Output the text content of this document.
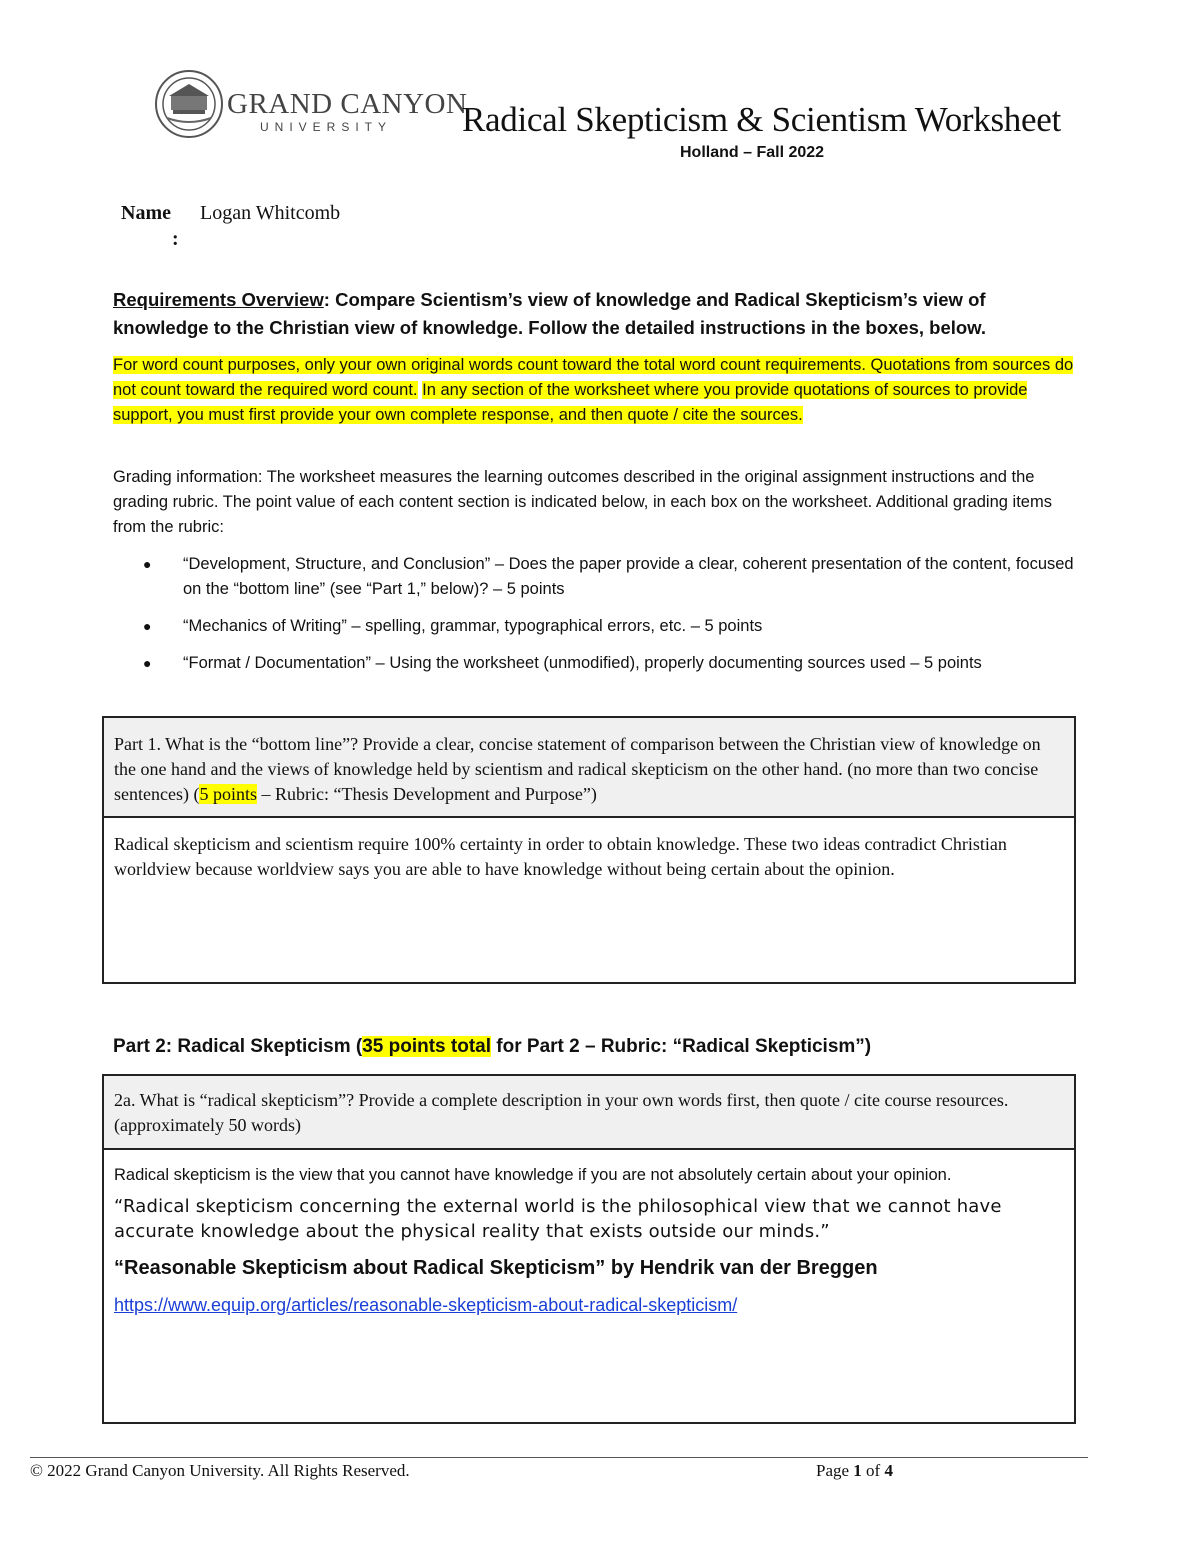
GRAND CANYON
UNIVERSITY Radical Skepticism & Scientism Worksheet
Holland – Fall 2022
Name
:
Logan Whitcomb
Requirements Overview: Compare Scientism’s view of knowledge and Radical Skepticism’s view of knowledge to the Christian view of knowledge. Follow the detailed instructions in the boxes, below.
For word count purposes, only your own original words count toward the total word count requirements. Quotations from sources do not count toward the required word count. In any section of the worksheet where you provide quotations of sources to provide support, you must first provide your own complete response, and then quote / cite the sources.
Grading information: The worksheet measures the learning outcomes described in the original assignment instructions and the grading rubric. The point value of each content section is indicated below, in each box on the worksheet. Additional grading items from the rubric:
● “Development, Structure, and Conclusion” – Does the paper provide a clear, coherent presentation of the content, focused on the “bottom line” (see “Part 1,” below)? – 5 points
● “Mechanics of Writing” – spelling, grammar, typographical errors, etc. – 5 points
● “Format / Documentation” – Using the worksheet (unmodified), properly documenting sources used – 5 points
Part 1. What is the “bottom line”? Provide a clear, concise statement of comparison between the Christian view of knowledge on the one hand and the views of knowledge held by scientism and radical skepticism on the other hand. (no more than two concise sentences) (5 points – Rubric: “Thesis Development and Purpose”)
Radical skepticism and scientism require 100% certainty in order to obtain knowledge. These two ideas contradict Christian worldview because worldview says you are able to have knowledge without being certain about the opinion.
Part 2: Radical Skepticism (35 points total for Part 2 – Rubric: “Radical Skepticism”)
2a. What is “radical skepticism”? Provide a complete description in your own words first, then quote / cite course resources. (approximately 50 words)
Radical skepticism is the view that you cannot have knowledge if you are not absolutely certain about your opinion.
“Radical skepticism concerning the external world is the philosophical view that we cannot have accurate knowledge about the physical reality that exists outside our minds.”
“Reasonable Skepticism about Radical Skepticism” by Hendrik van der Breggen
https://www.equip.org/articles/reasonable-skepticism-about-radical-skepticism/
© 2022 Grand Canyon University. All Rights Reserved.	Page 1 of 4
